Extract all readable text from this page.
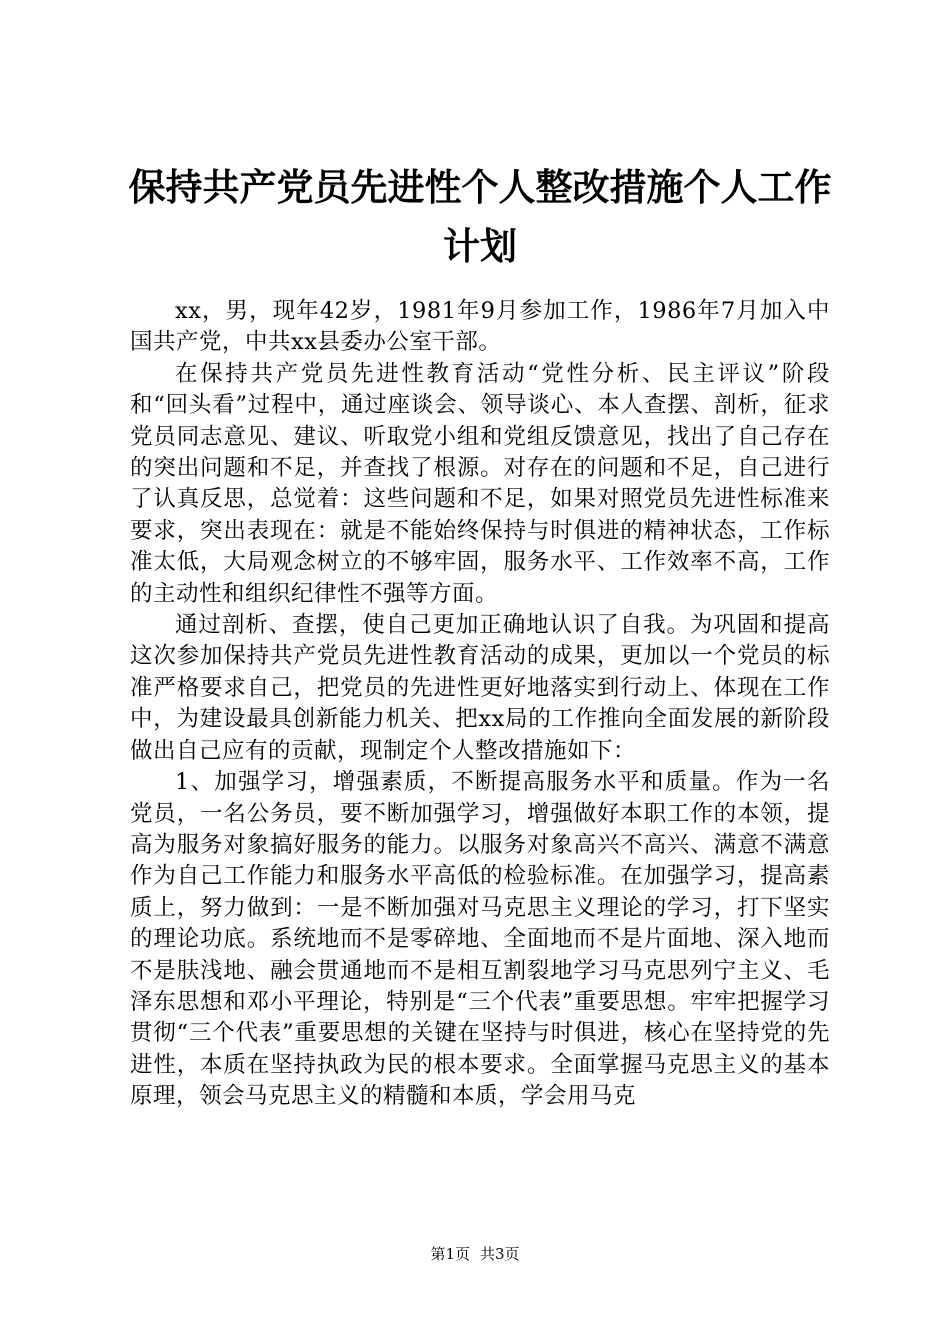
保持共产党员先进性个人整改措施个人工作计划

xx，男，现年42岁，1981年9月参加工作，1986年7月加入中国共产党，中共xx县委办公室干部。

在保持共产党员先进性教育活动“党性分析、民主评议”阶段和“回头看”过程中，通过座谈会、领导谈心、本人查摆、剖析，征求党员同志意见、建议、听取党小组和党组反馈意见，找出了自己存在的突出问题和不足，并查找了根源。对存在的问题和不足，自己进行了认真反思，总觉着：这些问题和不足，如果对照党员先进性标准来要求，突出表现在：就是不能始终保持与时俱进的精神状态，工作标准太低，大局观念树立的不够牢固，服务水平、工作效率不高，工作的主动性和组织纪律性不强等方面。

通过剖析、查摆，使自己更加正确地认识了自我。为巩固和提高这次参加保持共产党员先进性教育活动的成果，更加以一个党员的标准严格要求自己，把党员的先进性更好地落实到行动上、体现在工作中，为建设最具创新能力机关、把xx局的工作推向全面发展的新阶段做出自己应有的贡献，现制定个人整改措施如下：

1、加强学习，增强素质，不断提高服务水平和质量。作为一名党员，一名公务员，要不断加强学习，增强做好本职工作的本领，提高为服务对象搞好服务的能力。以服务对象高兴不高兴、满意不满意作为自己工作能力和服务水平高低的检验标准。在加强学习，提高素质上，努力做到：一是不断加强对马克思主义理论的学习，打下坚实的理论功底。系统地而不是零碎地、全面地而不是片面地、深入地而不是肤浅地、融会贯通地而不是相互割裂地学习马克思列宁主义、毛泽东思想和邓小平理论，特别是“三个代表”重要思想。牢牢把握学习贯彻“三个代表”重要思想的关键在坚持与时俱进，核心在坚持党的先进性，本质在坚持执政为民的根本要求。全面掌握马克思主义的基本原理，领会马克思主义的精髓和本质，学会用马克

第1页 共3页
